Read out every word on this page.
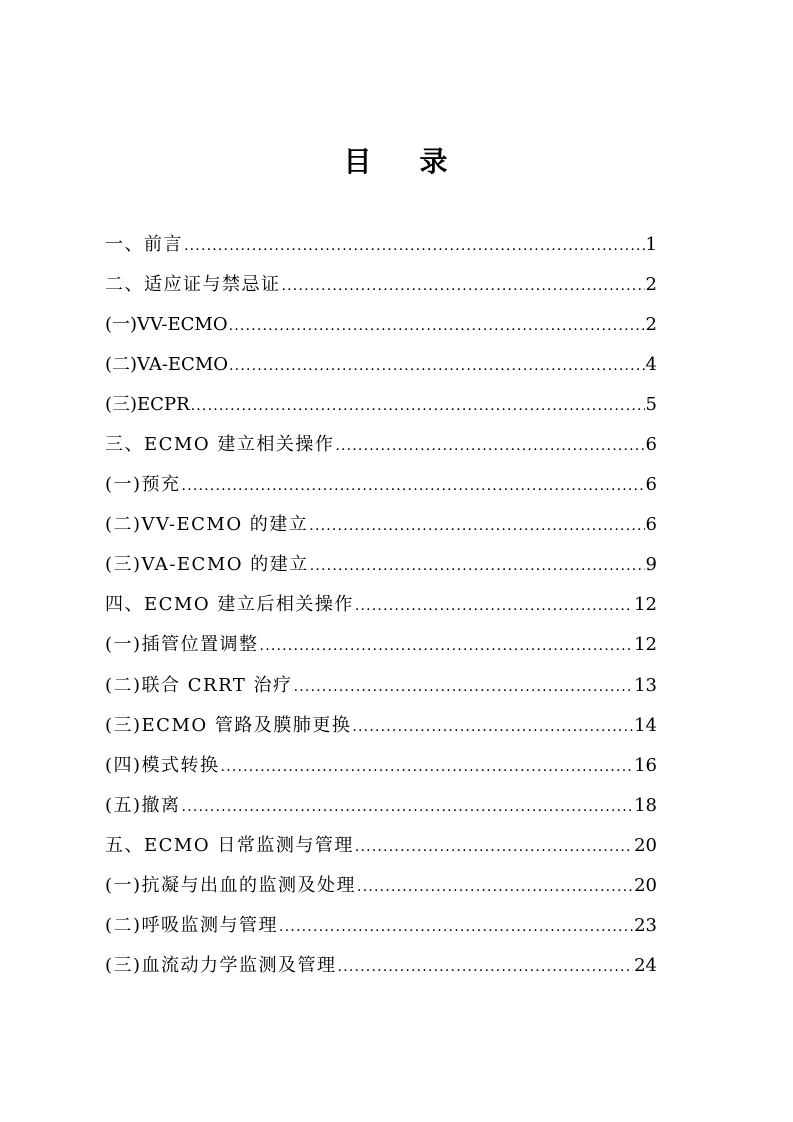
目 录
一、前言 .....	1
二、适应证与禁忌证 .....	2
(一)VV-ECMO .....	2
(二)VA-ECMO .....	4
(三)ECPR .....	5
三、ECMO 建立相关操作 .....	6
(一)预充 .....	6
(二)VV-ECMO 的建立 .....	6
(三)VA-ECMO 的建立 .....	9
四、ECMO 建立后相关操作 .....	12
(一)插管位置调整 .....	12
(二)联合 CRRT 治疗 .....	13
(三)ECMO 管路及膜肺更换 .....	14
(四)模式转换 .....	16
(五)撤离 .....	18
五、ECMO 日常监测与管理 .....	20
(一)抗凝与出血的监测及处理 .....	20
(二)呼吸监测与管理 .....	23
(三)血流动力学监测及管理 .....	24
